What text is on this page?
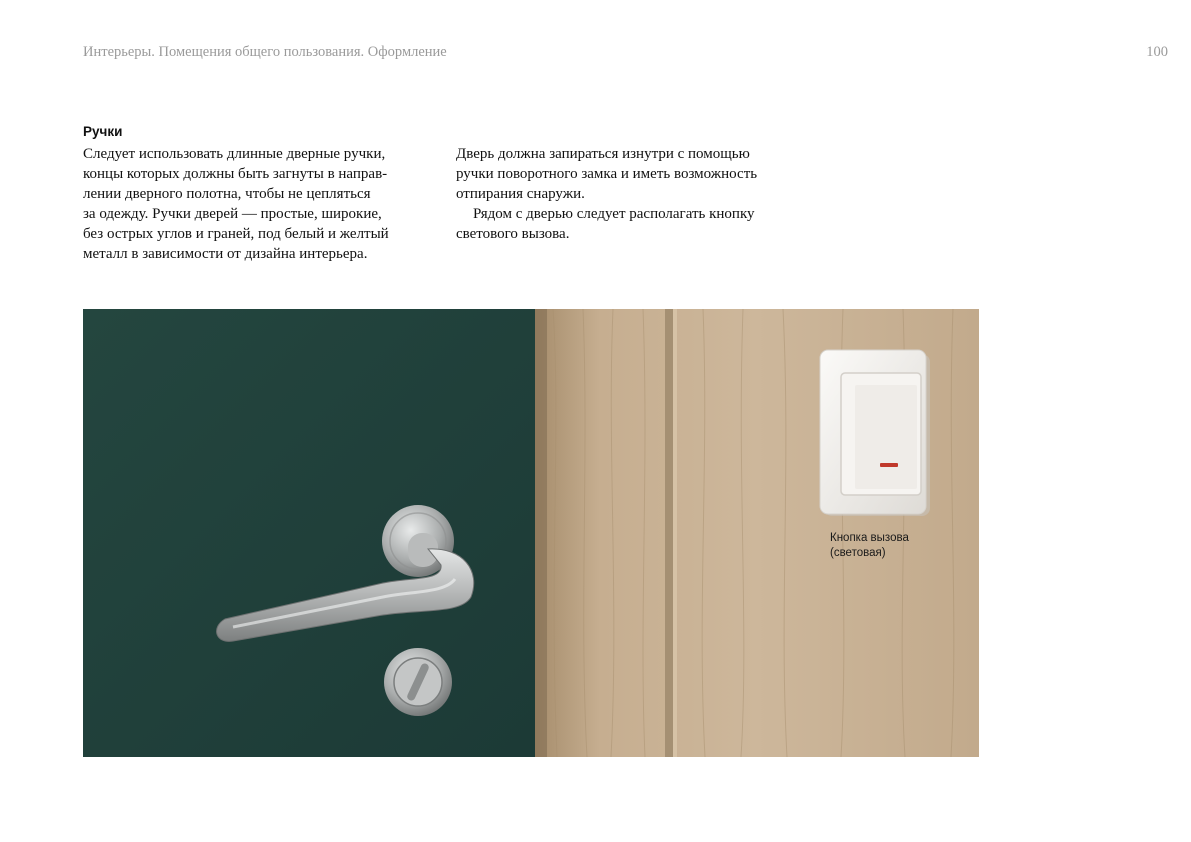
Интерьеры. Помещения общего пользования. Оформление	100
Ручки
Следует использовать длинные дверные ручки,
концы которых должны быть загнуты в направ-
лении дверного полотна, чтобы не цепляться
за одежду. Ручки дверей — простые, широкие,
без острых углов и граней, под белый и желтый
металл в зависимости от дизайна интерьера.
Дверь должна запираться изнутри с помощью
ручки поворотного замка и иметь возможность
отпирания снаружи.
Рядом с дверью следует располагать кнопку
светового вызова.
Кнопка вызова
(световая)
